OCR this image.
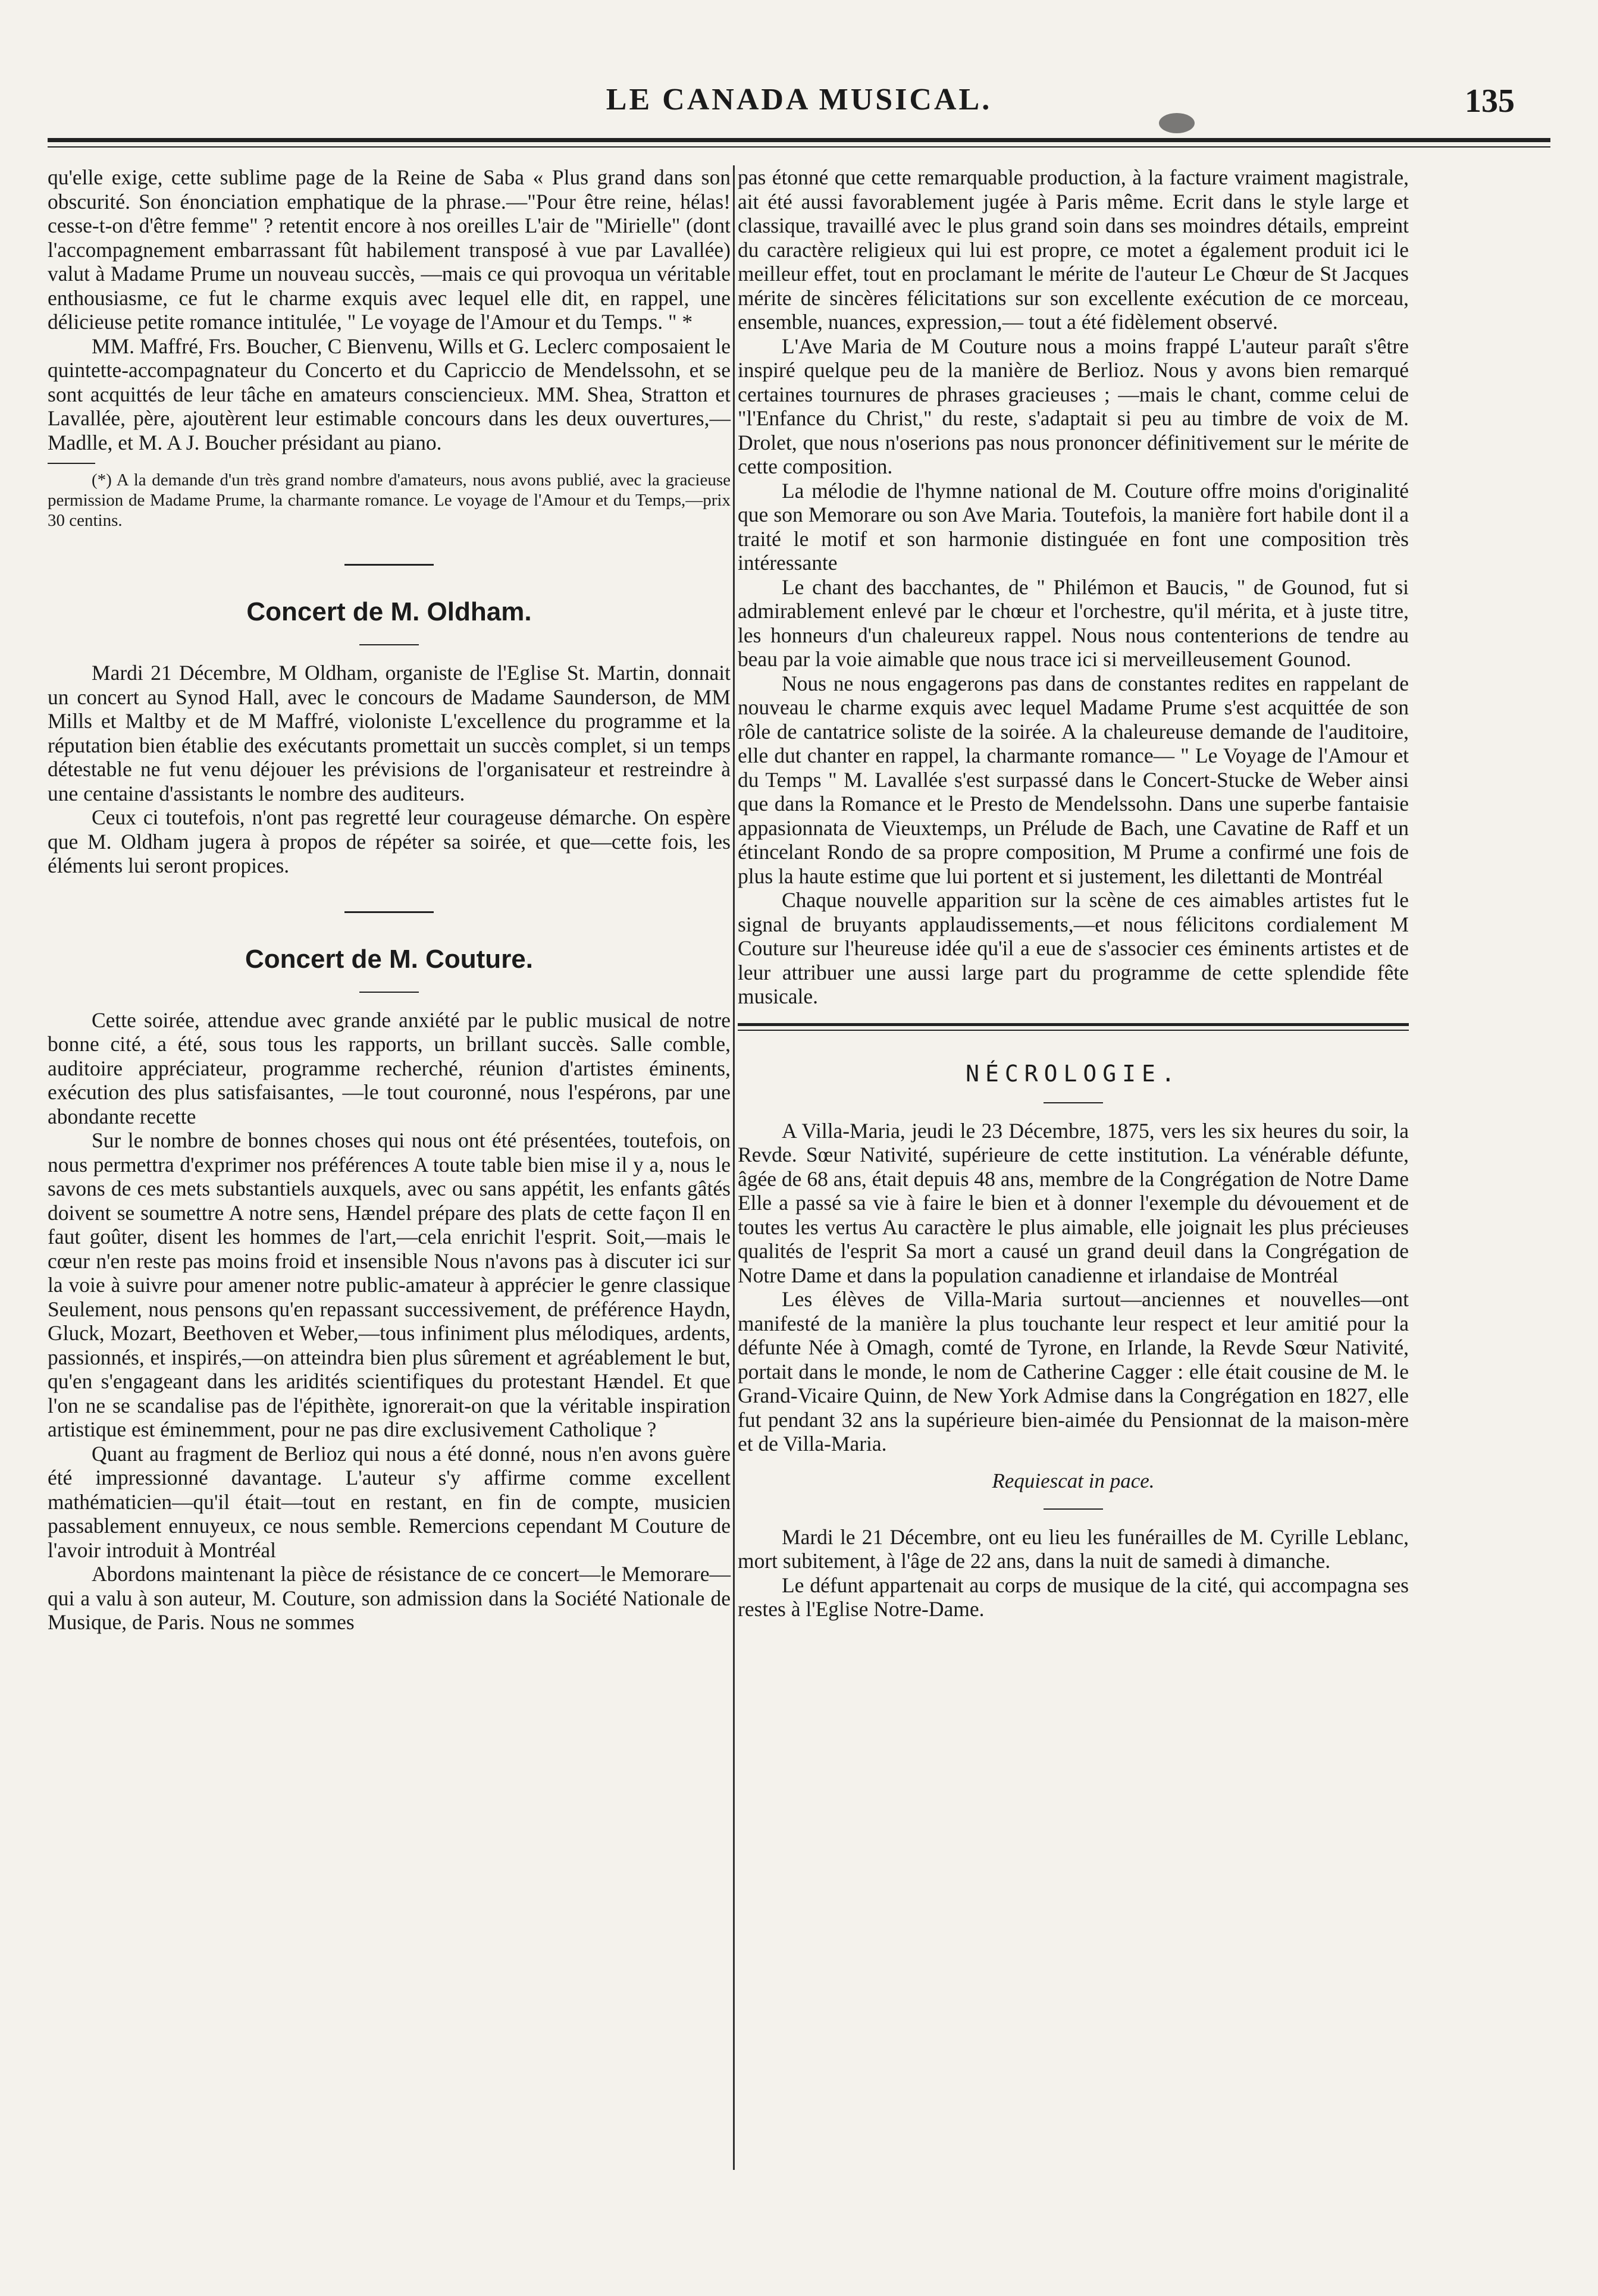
LE CANADA MUSICAL.	135

qu'elle exige, cette sublime page de la Reine de Saba « Plus grand dans son obscurité. Son énonciation emphatique de la phrase.—"Pour être reine, hélas! cesse-t-on d'être femme" ? retentit encore à nos oreilles L'air de "Mirielle" (dont l'accompagnement embarrassant fût habilement transposé à vue par Lavallée) valut à Madame Prume un nouveau succès, —mais ce qui provoqua un véritable enthousiasme, ce fut le charme exquis avec lequel elle dit, en rappel, une délicieuse petite romance intitulée, " Le voyage de l'Amour et du Temps. " *

MM. Maffré, Frs. Boucher, C Bienvenu, Wills et G. Leclerc composaient le quintette-accompagnateur du Concerto et du Capriccio de Mendelssohn, et se sont acquittés de leur tâche en amateurs consciencieux. MM. Shea, Stratton et Lavallée, père, ajoutèrent leur estimable concours dans les deux ouvertures,—Madlle, et M. A J. Boucher présidant au piano.

(*) A la demande d'un très grand nombre d'amateurs, nous avons publié, avec la gracieuse permission de Madame Prume, la charmante romance. Le voyage de l'Amour et du Temps,—prix 30 centins.

Concert de M. Oldham.

Mardi 21 Décembre, M Oldham, organiste de l'Eglise St. Martin, donnait un concert au Synod Hall, avec le concours de Madame Saunderson, de MM Mills et Maltby et de M Maffré, violoniste L'excellence du programme et la réputation bien établie des exécutants promettait un succès complet, si un temps détestable ne fut venu déjouer les prévisions de l'organisateur et restreindre à une centaine d'assistants le nombre des auditeurs.

Ceux ci toutefois, n'ont pas regretté leur courageuse démarche. On espère que M. Oldham jugera à propos de répéter sa soirée, et que—cette fois, les éléments lui seront propices.

Concert de M. Couture.

Cette soirée, attendue avec grande anxiété par le public musical de notre bonne cité, a été, sous tous les rapports, un brillant succès. Salle comble, auditoire appréciateur, programme recherché, réunion d'artistes éminents, exécution des plus satisfaisantes, —le tout couronné, nous l'espérons, par une abondante recette

Sur le nombre de bonnes choses qui nous ont été présentées, toutefois, on nous permettra d'exprimer nos préférences A toute table bien mise il y a, nous le savons de ces mets substantiels auxquels, avec ou sans appétit, les enfants gâtés doivent se soumettre A notre sens, Hændel prépare des plats de cette façon Il en faut goûter, disent les hommes de l'art,—cela enrichit l'esprit. Soit,—mais le cœur n'en reste pas moins froid et insensible Nous n'avons pas à discuter ici sur la voie à suivre pour amener notre public-amateur à apprécier le genre classique Seulement, nous pensons qu'en repassant successivement, de préférence Haydn, Gluck, Mozart, Beethoven et Weber,—tous infiniment plus mélodiques, ardents, passionnés, et inspirés,—on atteindra bien plus sûrement et agréablement le but, qu'en s'engageant dans les aridités scientifiques du protestant Hændel. Et que l'on ne se scandalise pas de l'épithète, ignorerait-on que la véritable inspiration artistique est éminemment, pour ne pas dire exclusivement Catholique ?

Quant au fragment de Berlioz qui nous a été donné, nous n'en avons guère été impressionné davantage. L'auteur s'y affirme comme excellent mathématicien—qu'il était—tout en restant, en fin de compte, musicien passablement ennuyeux, ce nous semble. Remercions cependant M Couture de l'avoir introduit à Montréal

Abordons maintenant la pièce de résistance de ce concert—le Memorare—qui a valu à son auteur, M. Couture, son admission dans la Société Nationale de Musique, de Paris. Nous ne sommes

pas étonné que cette remarquable production, à la facture vraiment magistrale, ait été aussi favorablement jugée à Paris même. Ecrit dans le style large et classique, travaillé avec le plus grand soin dans ses moindres détails, empreint du caractère religieux qui lui est propre, ce motet a également produit ici le meilleur effet, tout en proclamant le mérite de l'auteur Le Chœur de St Jacques mérite de sincères félicitations sur son excellente exécution de ce morceau, ensemble, nuances, expression,— tout a été fidèlement observé.

L'Ave Maria de M Couture nous a moins frappé L'auteur paraît s'être inspiré quelque peu de la manière de Berlioz. Nous y avons bien remarqué certaines tournures de phrases gracieuses ; —mais le chant, comme celui de "l'Enfance du Christ," du reste, s'adaptait si peu au timbre de voix de M. Drolet, que nous n'oserions pas nous prononcer définitivement sur le mérite de cette composition.

La mélodie de l'hymne national de M. Couture offre moins d'originalité que son Memorare ou son Ave Maria. Toutefois, la manière fort habile dont il a traité le motif et son harmonie distinguée en font une composition très intéressante

Le chant des bacchantes, de " Philémon et Baucis, " de Gounod, fut si admirablement enlevé par le chœur et l'orchestre, qu'il mérita, et à juste titre, les honneurs d'un chaleureux rappel. Nous nous contenterions de tendre au beau par la voie aimable que nous trace ici si merveilleusement Gounod.

Nous ne nous engagerons pas dans de constantes redites en rappelant de nouveau le charme exquis avec lequel Madame Prume s'est acquittée de son rôle de cantatrice soliste de la soirée. A la chaleureuse demande de l'auditoire, elle dut chanter en rappel, la charmante romance— " Le Voyage de l'Amour et du Temps " M. Lavallée s'est surpassé dans le Concert-Stucke de Weber ainsi que dans la Romance et le Presto de Mendelssohn. Dans une superbe fantaisie appasionnata de Vieuxtemps, un Prélude de Bach, une Cavatine de Raff et un étincelant Rondo de sa propre composition, M Prume a confirmé une fois de plus la haute estime que lui portent et si justement, les dilettanti de Montréal

Chaque nouvelle apparition sur la scène de ces aimables artistes fut le signal de bruyants applaudissements,—et nous félicitons cordialement M Couture sur l'heureuse idée qu'il a eue de s'associer ces éminents artistes et de leur attribuer une aussi large part du programme de cette splendide fête musicale.

NÉCROLOGIE.

A Villa-Maria, jeudi le 23 Décembre, 1875, vers les six heures du soir, la Revde. Sœur Nativité, supérieure de cette institution. La vénérable défunte, âgée de 68 ans, était depuis 48 ans, membre de la Congrégation de Notre Dame Elle a passé sa vie à faire le bien et à donner l'exemple du dévouement et de toutes les vertus Au caractère le plus aimable, elle joignait les plus précieuses qualités de l'esprit Sa mort a causé un grand deuil dans la Congrégation de Notre Dame et dans la population canadienne et irlandaise de Montréal

Les élèves de Villa-Maria surtout—anciennes et nouvelles—ont manifesté de la manière la plus touchante leur respect et leur amitié pour la défunte Née à Omagh, comté de Tyrone, en Irlande, la Revde Sœur Nativité, portait dans le monde, le nom de Catherine Cagger : elle était cousine de M. le Grand-Vicaire Quinn, de New York Admise dans la Congrégation en 1827, elle fut pendant 32 ans la supérieure bien-aimée du Pensionnat de la maison-mère et de Villa-Maria.

Requiescat in pace.

Mardi le 21 Décembre, ont eu lieu les funérailles de M. Cyrille Leblanc, mort subitement, à l'âge de 22 ans, dans la nuit de samedi à dimanche.

Le défunt appartenait au corps de musique de la cité, qui accompagna ses restes à l'Eglise Notre-Dame.
